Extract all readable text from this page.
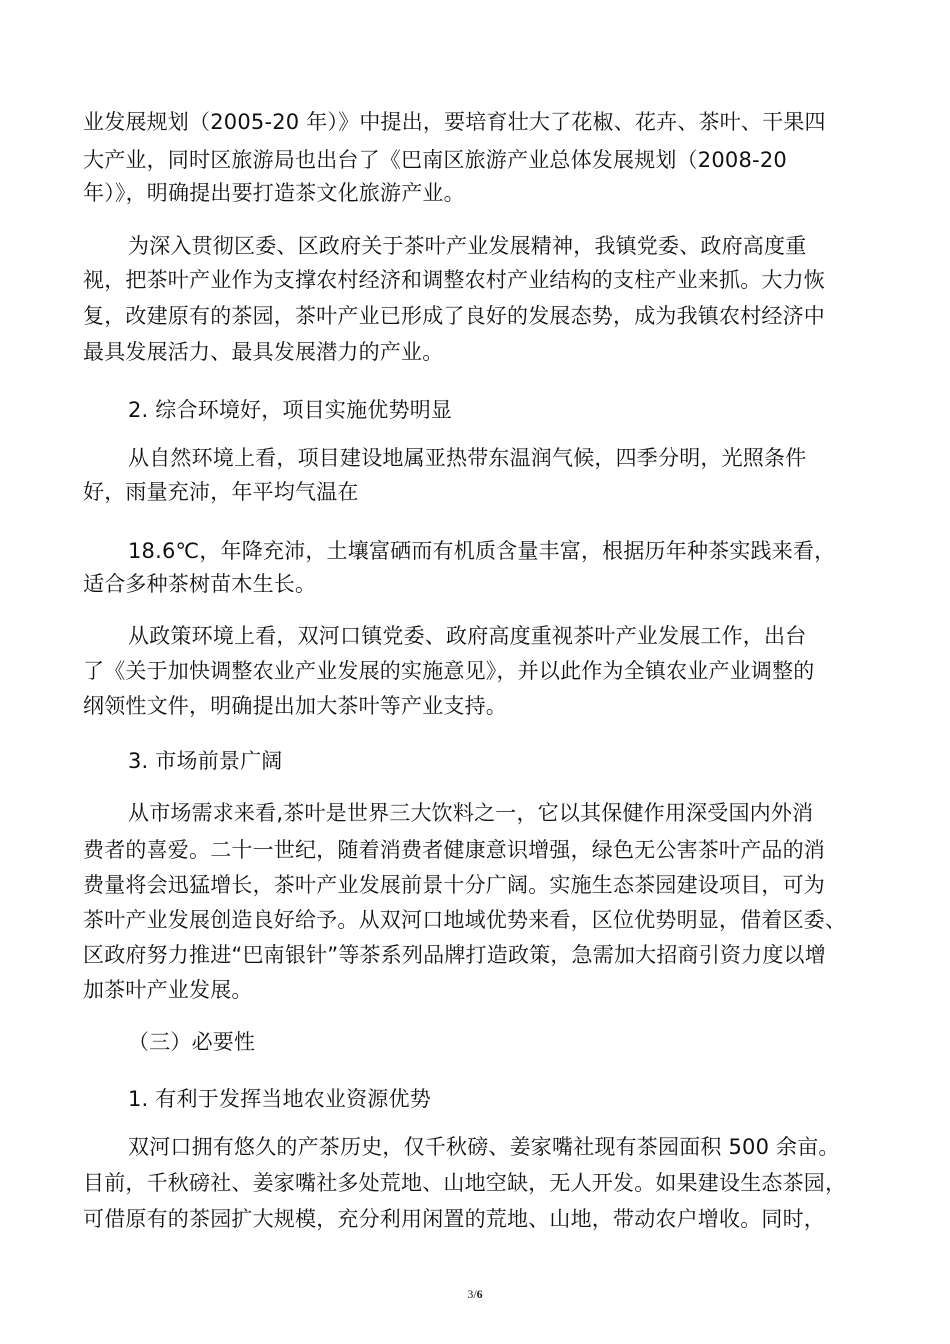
业发展规划（2005-20 年）》中提出，要培育壮大了花椒、花卉、茶叶、干果四
大产业，同时区旅游局也出台了《巴南区旅游产业总体发展规划（2008-20
年）》，明确提出要打造茶文化旅游产业。
为深入贯彻区委、区政府关于茶叶产业发展精神，我镇党委、政府高度重
视，把茶叶产业作为支撑农村经济和调整农村产业结构的支柱产业来抓。大力恢
复，改建原有的茶园，茶叶产业已形成了良好的发展态势，成为我镇农村经济中
最具发展活力、最具发展潜力的产业。
2. 综合环境好，项目实施优势明显
从自然环境上看，项目建设地属亚热带东温润气候，四季分明，光照条件
好，雨量充沛，年平均气温在
18.6℃，年降充沛，土壤富硒而有机质含量丰富，根据历年种茶实践来看，
适合多种茶树苗木生长。
从政策环境上看，双河口镇党委、政府高度重视茶叶产业发展工作，出台
了《关于加快调整农业产业发展的实施意见》，并以此作为全镇农业产业调整的
纲领性文件，明确提出加大茶叶等产业支持。
3. 市场前景广阔
从市场需求来看,茶叶是世界三大饮料之一，它以其保健作用深受国内外消
费者的喜爱。二十一世纪，随着消费者健康意识增强，绿色无公害茶叶产品的消
费量将会迅猛增长，茶叶产业发展前景十分广阔。实施生态茶园建设项目，可为
茶叶产业发展创造良好给予。从双河口地域优势来看，区位优势明显，借着区委、
区政府努力推进“巴南银针”等茶系列品牌打造政策，急需加大招商引资力度以增
加茶叶产业发展。
（三）必要性
1. 有利于发挥当地农业资源优势
双河口拥有悠久的产茶历史，仅千秋磅、姜家嘴社现有茶园面积 500 余亩。
目前，千秋磅社、姜家嘴社多处荒地、山地空缺，无人开发。如果建设生态茶园，
可借原有的茶园扩大规模，充分利用闲置的荒地、山地，带动农户增收。同时，
3/6
